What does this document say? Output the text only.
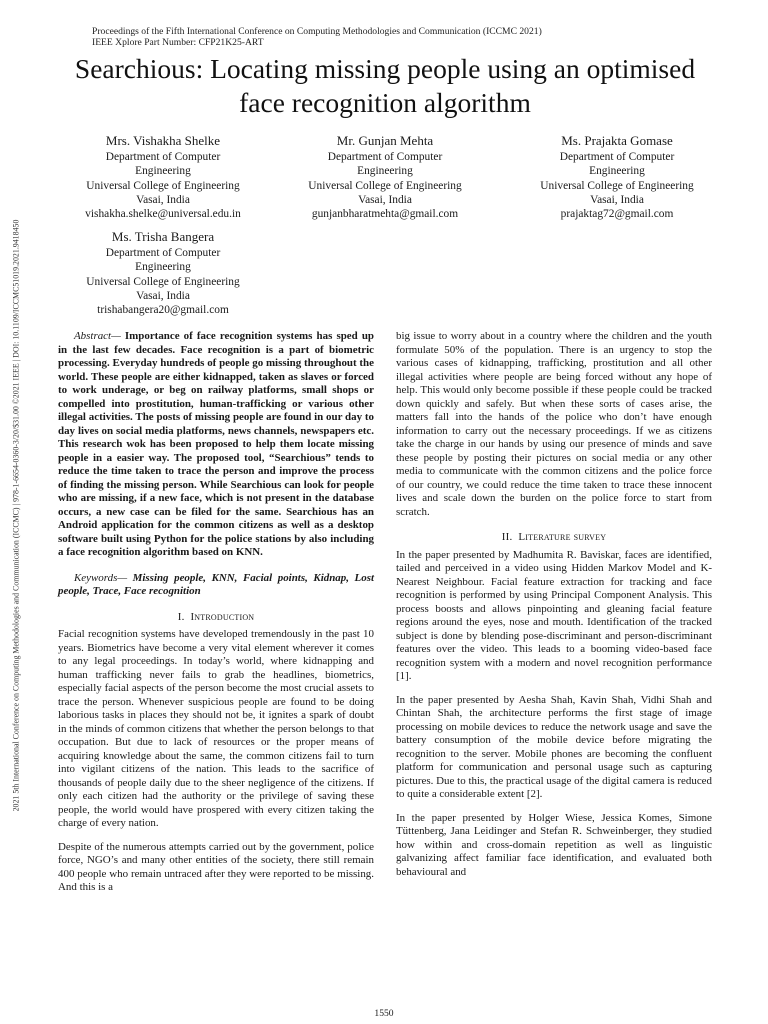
2021 5th International Conference on Computing Methodologies and Communication (ICCMC) | 978-1-6654-0360-3/20/$31.00 ©2021 IEEE | DOI: 10.1109/ICCMC51019.2021.9418450
Proceedings of the Fifth International Conference on Computing Methodologies and Communication (ICCMC 2021)
IEEE Xplore Part Number: CFP21K25-ART
Searchious: Locating missing people using an optimised face recognition algorithm
Mrs. Vishakha Shelke
Department of Computer Engineering
Universal College of Engineering
Vasai, India
vishakha.shelke@universal.edu.in
Mr. Gunjan Mehta
Department of Computer Engineering
Universal College of Engineering
Vasai, India
gunjanbharatmehta@gmail.com
Ms. Prajakta Gomase
Department of Computer Engineering
Universal College of Engineering
Vasai, India
prajaktag72@gmail.com
Ms. Trisha Bangera
Department of Computer Engineering
Universal College of Engineering
Vasai, India
trishabangera20@gmail.com

Abstract— Importance of face recognition systems has sped up in the last few decades. Face recognition is a part of biometric processing. Everyday hundreds of people go missing throughout the world. These people are either kidnapped, taken as slaves or forced to work underage, or beg on railway platforms, small shops or compelled into prostitution, human-trafficking or various other illegal activities. The posts of missing people are found in our day to day lives on social media platforms, news channels, newspapers etc. This research wok has been proposed to help them locate missing people in a easier way. The proposed tool, “Searchious” tends to reduce the time taken to trace the person and improve the process of finding the missing person. While Searchious can look for people who are missing, if a new face, which is not present in the database occurs, a new case can be filed for the same. Searchious has an Android application for the common citizens as well as a desktop software built using Python for the police stations by also including a face recognition algorithm based on KNN.

Keywords— Missing people, KNN, Facial points, Kidnap, Lost people, Trace, Face recognition

I. Introduction

Facial recognition systems have developed tremendously in the past 10 years. Biometrics have become a very vital element wherever it comes to any legal proceedings. In today’s world, where kidnapping and human trafficking never fails to grab the headlines, biometrics, especially facial aspects of the person become the most crucial assets to trace the person. Whenever suspicious people are found to be doing laborious tasks in places they should not be, it ignites a spark of doubt in the minds of common citizens that whether the person belongs to that occupation. But due to lack of resources or the proper means of acquiring knowledge about the same, the common citizens fail to turn into vigilant citizens of the nation. This leads to the sacrifice of thousands of people daily due to the sheer negligence of the citizens. If only each citizen had the authority or the privilege of saving these people, the world would have prospered with every citizen taking the charge of every nation.

Despite of the numerous attempts carried out by the government, police force, NGO’s and many other entities of the society, there still remain 400 people who remain untraced after they were reported to be missing. And this is a

big issue to worry about in a country where the children and the youth formulate 50% of the population. There is an urgency to stop the various cases of kidnapping, trafficking, prostitution and all other illegal activities where people are being forced without any hope of help. This would only become possible if these people could be tracked down quickly and safely. But when these sorts of cases arise, the matters fall into the hands of the police who don’t have enough information to carry out the necessary proceedings. If we as citizens take the charge in our hands by using our presence of minds and save these people by posting their pictures on social media or any other media to communicate with the common citizens and the police force of our country, we could reduce the time taken to trace these innocent lives and scale down the burden on the police force to start from scratch.

II. Literature survey

In the paper presented by Madhumita R. Baviskar, faces are identified, tailed and perceived in a video using Hidden Markov Model and K-Nearest Neighbour. Facial feature extraction for tracking and face recognition is performed by using Principal Component Analysis. This process boosts and allows pinpointing and gleaning facial feature regions around the eyes, nose and mouth. Identification of the tracked subject is done by blending pose-discriminant and person-discriminant features over the video. This leads to a booming video-based face recognition system with a modern and novel recognition performance [1].

In the paper presented by Aesha Shah, Kavin Shah, Vidhi Shah and Chintan Shah, the architecture performs the first stage of image processing on mobile devices to reduce the network usage and save the battery consumption of the mobile device before migrating the recognition to the server. Mobile phones are becoming the confluent platform for communication and personal usage such as capturing pictures. Due to this, the practical usage of the digital camera is reduced to quite a considerable extent [2].

In the paper presented by Holger Wiese, Jessica Komes, Simone Tüttenberg, Jana Leidinger and Stefan R. Schweinberger, they studied how within and cross-domain repetition as well as linguistic galvanizing affect familiar face identification, and evaluated both behavioural and

1550
